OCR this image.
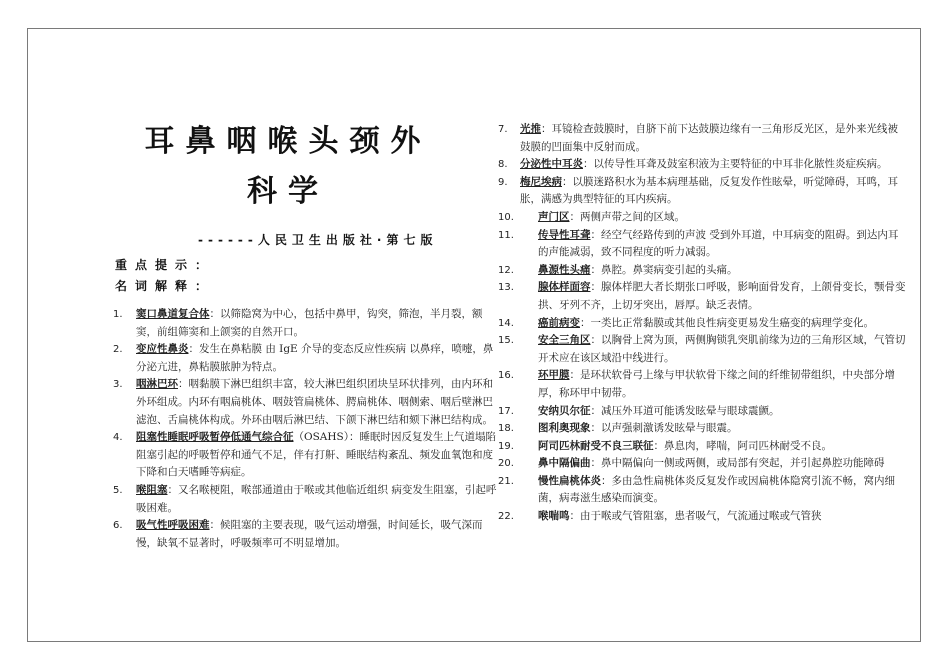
耳鼻咽喉头颈外
科学
------人民卫生出版社·第七版
重点提示：
名词解释：
1. 窦口鼻道复合体：以筛隐窝为中心，包括中鼻甲，钩突，筛泡，半月裂，额窦，前组筛窦和上颌窦的自然开口。
2. 变应性鼻炎：发生在鼻粘膜 由 IgE 介导的变态反应性疾病 以鼻痒，喷嚏，鼻分泌亢进，鼻粘膜脓肿为特点。
3. 咽淋巴环：咽黏膜下淋巴组织丰富，较大淋巴组织团块呈环状排列，由内环和外环组成。内环有咽扁桃体、咽鼓管扁桃体、腭扁桃体、咽侧索、咽后壁淋巴滤泡、舌扁桃体构成。外环由咽后淋巴结、下颌下淋巴结和颏下淋巴结构成。
4. 阻塞性睡眠呼吸暂停低通气综合征（OSAHS）：睡眠时因反复发生上气道塌陷阻塞引起的呼吸暂停和通气不足，伴有打鼾、睡眠结构紊乱、频发血氧饱和度下降和白天嗜睡等病症。
5. 喉阻塞：又名喉梗阻，喉部通道由于喉或其他临近组织 病变发生阻塞，引起呼吸困难。
6. 吸气性呼吸困难：候阻塞的主要表现，吸气运动增强，时间延长，吸气深而慢，缺氧不显著时，呼吸频率可不明显增加。
7. 光推：耳镜检查鼓膜时，自脐下前下达鼓膜边缘有一三角形反光区，是外来光线被鼓膜的凹面集中反射而成。
8. 分泌性中耳炎：以传导性耳聋及鼓室积液为主要特征的中耳非化脓性炎症疾病。
9. 梅尼埃病：以膜迷路积水为基本病理基础，反复发作性眩晕，听觉障碍，耳鸣，耳胀，满感为典型特征的耳内疾病。
10. 声门区：两侧声带之间的区域。
11. 传导性耳聋：经空气经路传到的声波 受到外耳道，中耳病变的阻碍。到达内耳的声能减弱，致不同程度的听力减弱。
12. 鼻源性头痛：鼻腔。鼻窦病变引起的头痛。
13. 腺体样面容：腺体样肥大者长期张口呼吸，影响面骨发育，上颌骨变长，颚骨变拱、牙列不齐，上切牙突出，唇厚。缺乏表情。
14. 癌前病变：一类比正常黏膜或其他良性病变更易发生癌变的病理学变化。
15. 安全三角区：以胸骨上窝为顶，两侧胸锁乳突肌前缘为边的三角形区域，气管切开术应在该区域沿中线进行。
16. 环甲膜：是环状软骨弓上缘与甲状软骨下缘之间的纤维韧带组织，中央部分增厚，称环甲中韧带。
17. 安纳贝尔征：减压外耳道可能诱发眩晕与眼球震颤。
18. 图利奥现象：以声强刺激诱发眩晕与眼震。
19. 阿司匹林耐受不良三联征：鼻息肉，哮喘，阿司匹林耐受不良。
20. 鼻中隔偏曲：鼻中隔偏向一侧或两侧，或局部有突起，并引起鼻腔功能障碍
21. 慢性扁桃体炎：多由急性扁桃体炎反复发作或因扁桃体隐窝引流不畅，窝内细菌，病毒滋生感染而演变。
22. 喉喘鸣：由于喉或气管阻塞，患者吸气，气流通过喉或气管狭
